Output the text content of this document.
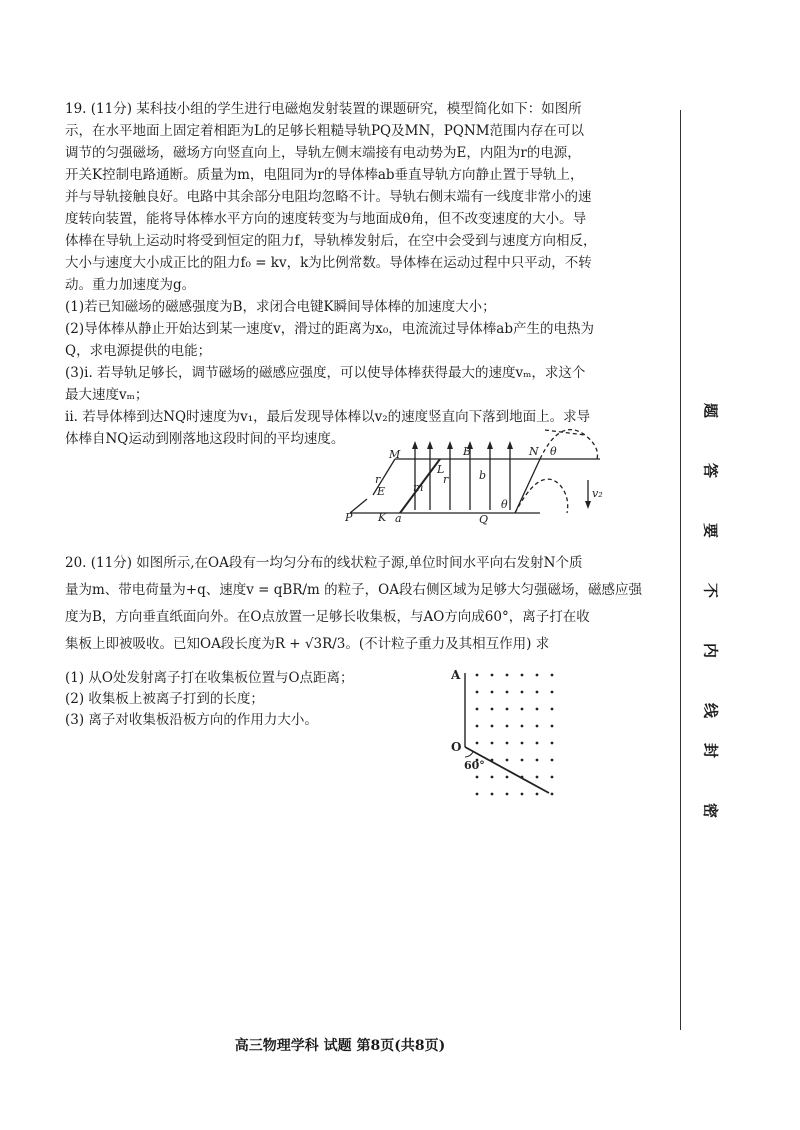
19. (11分) 某科技小组的学生进行电磁炮发射装置的课题研究，模型简化如下：如图所
示，在水平地面上固定着相距为L的足够长粗糙导轨PQ及MN，PQNM范围内存在可以
调节的匀强磁场，磁场方向竖直向上，导轨左侧末端接有电动势为E，内阻为r的电源，
开关K控制电路通断。质量为m，电阻同为r的导体棒ab垂直导轨方向静止置于导轨上，
并与导轨接触良好。电路中其余部分电阻均忽略不计。导轨右侧末端有一线度非常小的速
度转向装置，能将导体棒水平方向的速度转变为与地面成θ角，但不改变速度的大小。导
体棒在导轨上运动时将受到恒定的阻力f，导轨棒发射后，在空中会受到与速度方向相反，
大小与速度大小成正比的阻力f₀ = kv，k为比例常数。导体棒在运动过程中只平动，不转
动。重力加速度为g。
(1)若已知磁场的磁感强度为B，求闭合电键K瞬间导体棒的加速度大小；
(2)导体棒从静止开始达到某一速度v，滑过的距离为x₀，电流流过导体棒ab产生的电热为
Q，求电源提供的电能；
(3)i. 若导轨足够长，调节磁场的磁感应强度，可以使导体棒获得最大的速度vₘ，求这个
最大速度vₘ；
ii. 若导体棒到达NQ时速度为v₁，最后发现导体棒以v₂的速度竖直向下落到地面上。求导
体棒自NQ运动到刚落地这段时间的平均速度。
M	B	N θ
L
r
m
E
r
P K a
b
Q
θ
v₂
20. (11分) 如图所示,在OA段有一均匀分布的线状粒子源,单位时间水平向右发射N个质
量为m、带电荷量为+q、速度v = qBR/m 的粒子，OA段右侧区域为足够大匀强磁场，磁感应强
度为B，方向垂直纸面向外。在O点放置一足够长收集板，与AO方向成60°，离子打在收
集板上即被吸收。已知OA段长度为R + √3R/3。(不计粒子重力及其相互作用) 求
(1) 从O处发射离子打在收集板位置与O点距离；
(2) 收集板上被离子打到的长度；
(3) 离子对收集板沿板方向的作用力大小。
A
O
60°
题
答
要
不
内
线
封
密
高三物理学科 试题 第8页(共8页)
